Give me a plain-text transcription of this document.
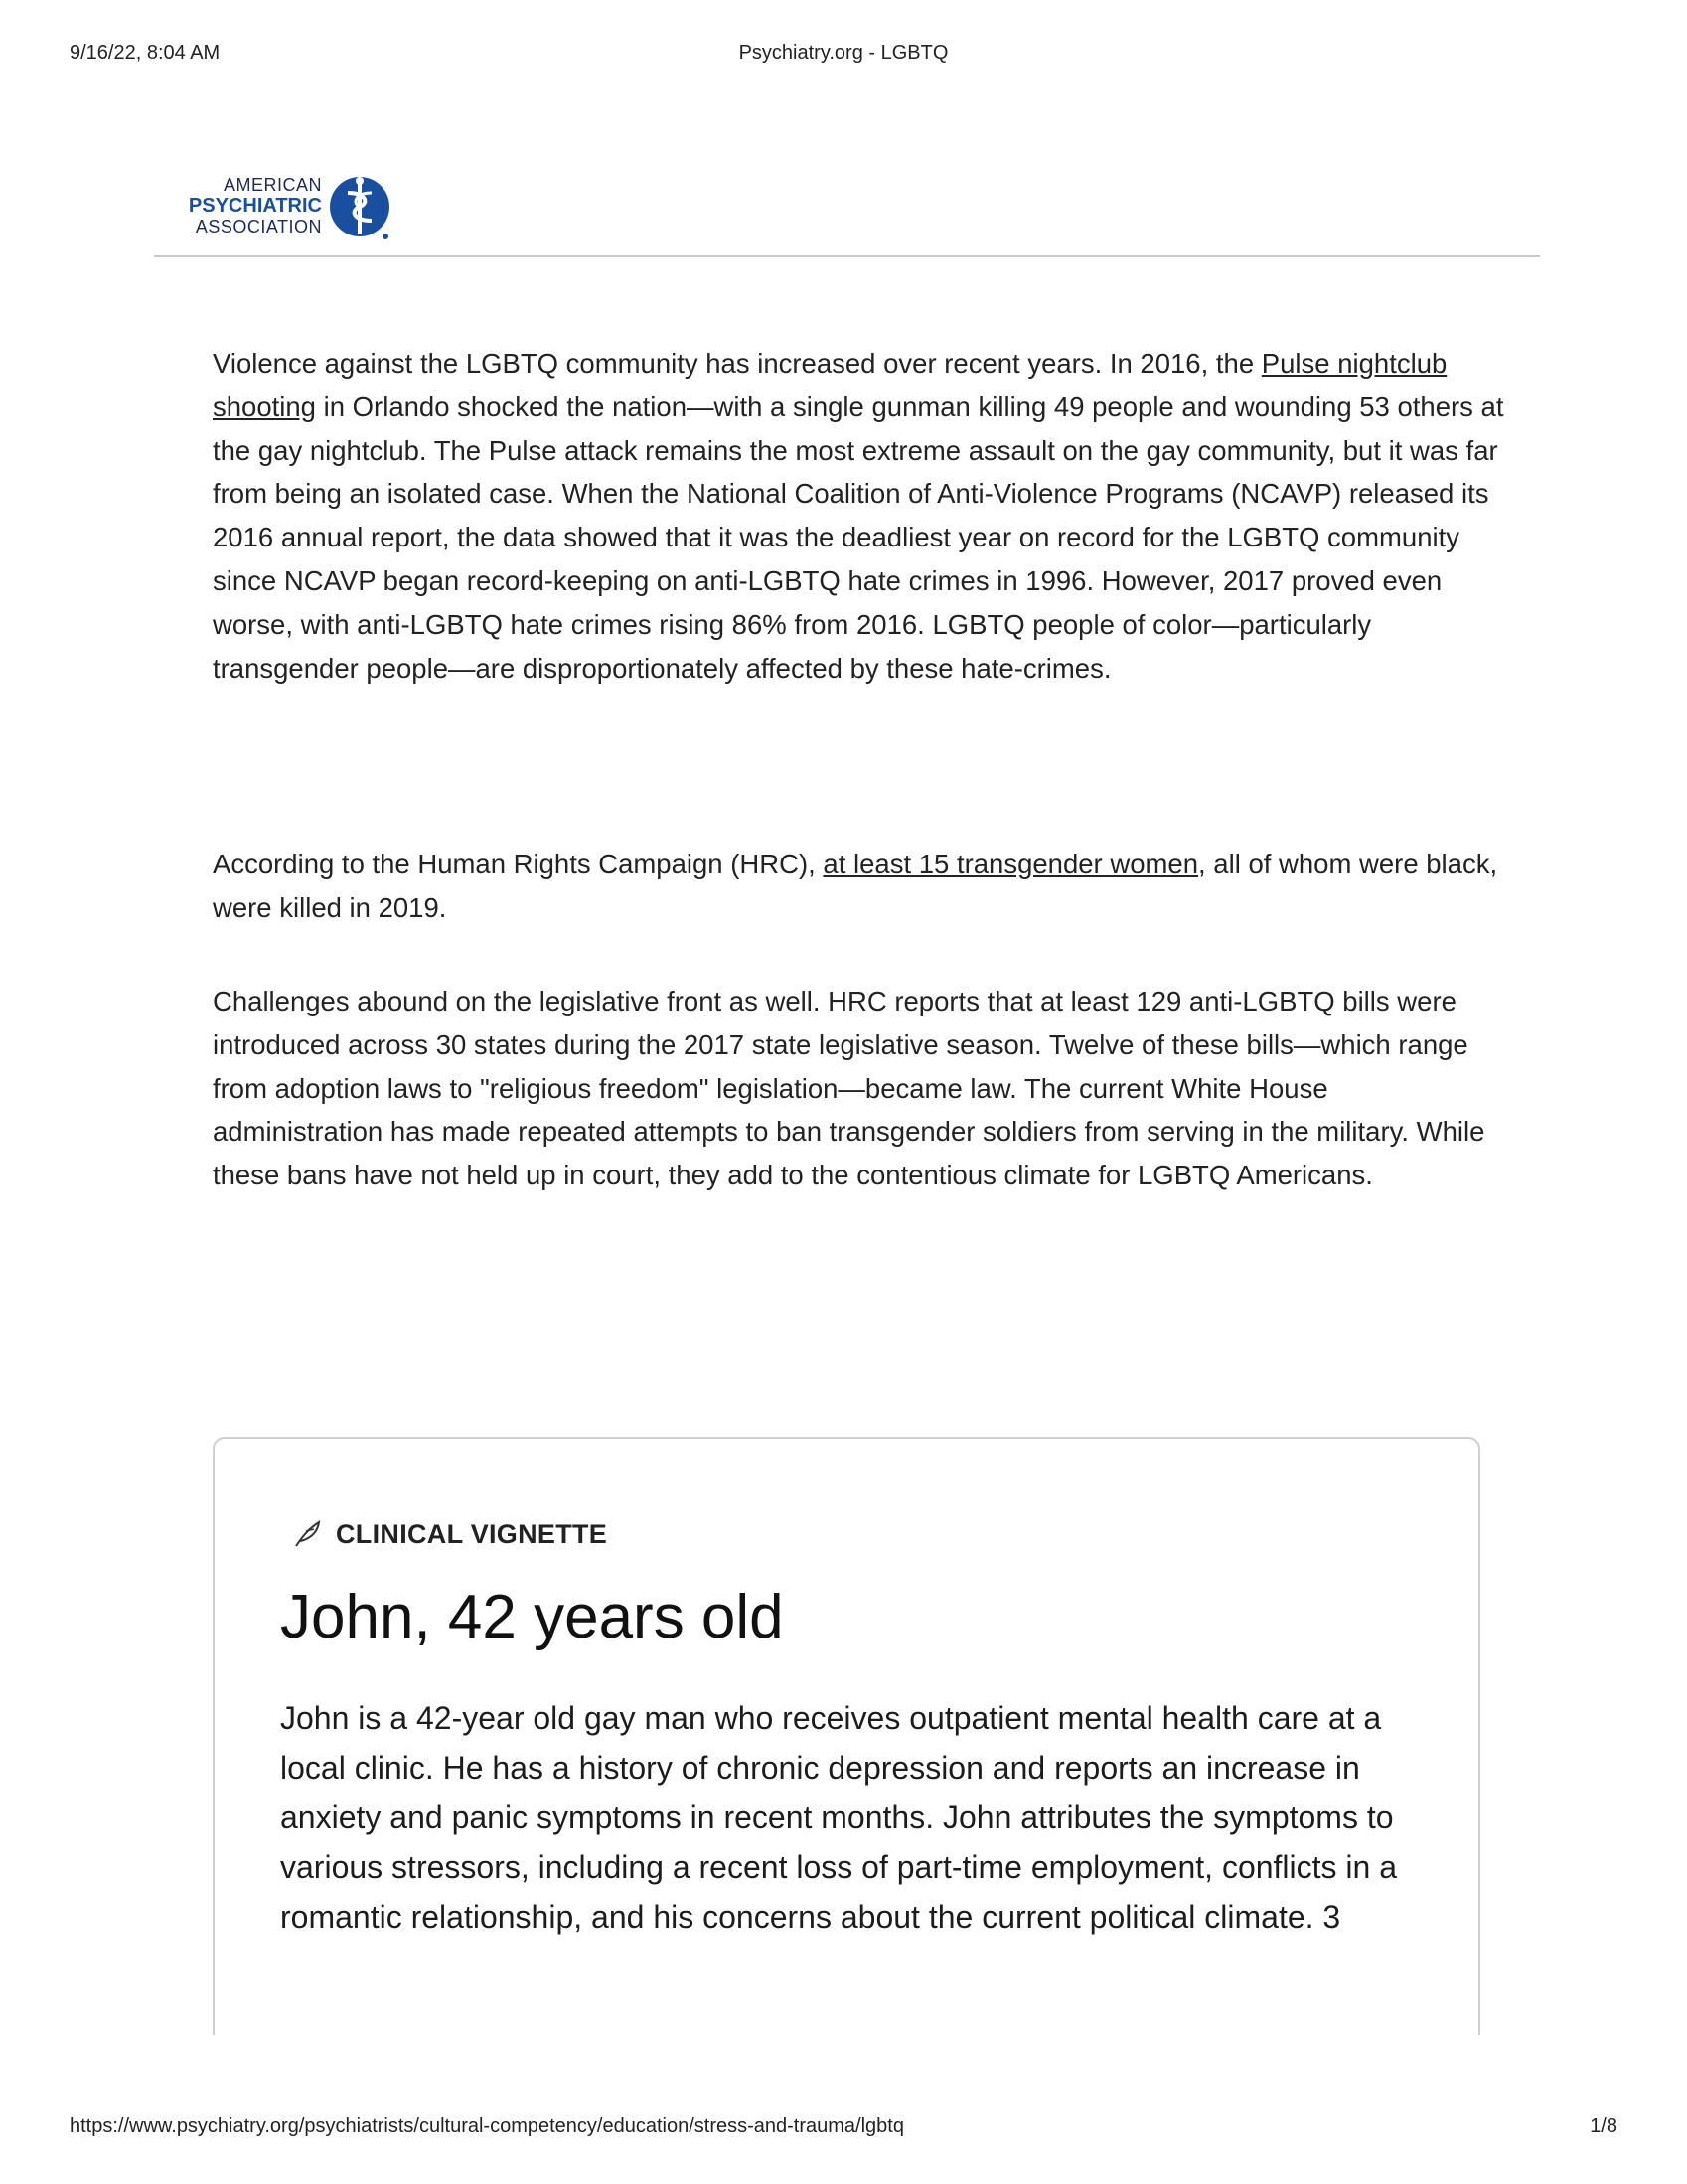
9/16/22, 8:04 AM	Psychiatry.org - LGBTQ
AMERICAN
PSYCHIATRIC
ASSOCIATION

Violence against the LGBTQ community has increased over recent years. In 2016, the Pulse nightclub shooting in Orlando shocked the nation—with a single gunman killing 49 people and wounding 53 others at the gay nightclub. The Pulse attack remains the most extreme assault on the gay community, but it was far from being an isolated case. When the National Coalition of Anti-Violence Programs (NCAVP) released its 2016 annual report, the data showed that it was the deadliest year on record for the LGBTQ community since NCAVP began record-keeping on anti-LGBTQ hate crimes in 1996. However, 2017 proved even worse, with anti-LGBTQ hate crimes rising 86% from 2016. LGBTQ people of color—particularly transgender people—are disproportionately affected by these hate-crimes.

According to the Human Rights Campaign (HRC), at least 15 transgender women, all of whom were black, were killed in 2019.

Challenges abound on the legislative front as well. HRC reports that at least 129 anti-LGBTQ bills were introduced across 30 states during the 2017 state legislative season. Twelve of these bills—which range from adoption laws to "religious freedom" legislation—became law. The current White House administration has made repeated attempts to ban transgender soldiers from serving in the military. While these bans have not held up in court, they add to the contentious climate for LGBTQ Americans.

CLINICAL VIGNETTE
John, 42 years old

John is a 42-year old gay man who receives outpatient mental health care at a local clinic. He has a history of chronic depression and reports an increase in anxiety and panic symptoms in recent months. John attributes the symptoms to various stressors, including a recent loss of part-time employment, conflicts in a romantic relationship, and his concerns about the current political climate. 3

https://www.psychiatry.org/psychiatrists/cultural-competency/education/stress-and-trauma/lgbtq	1/8
